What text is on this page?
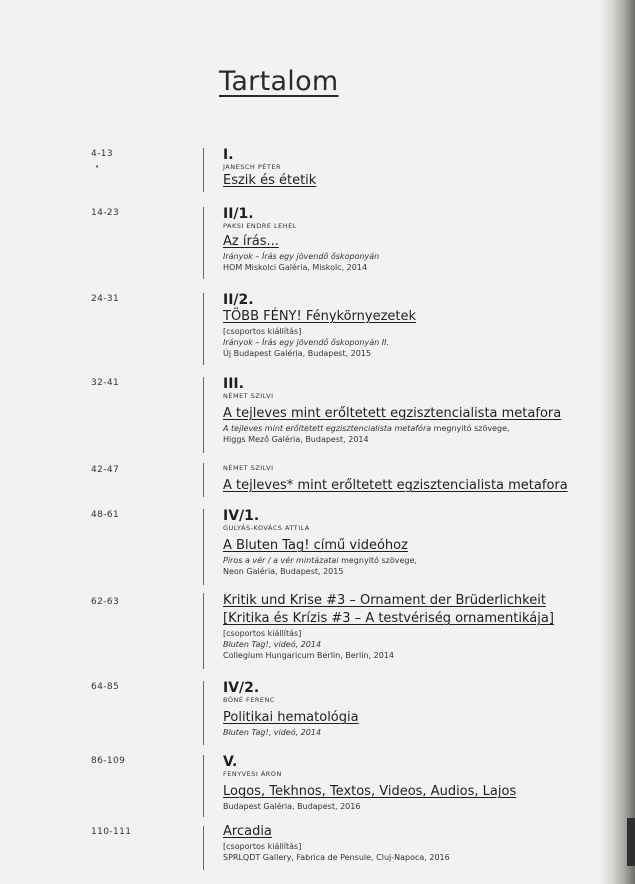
Tartalom
4-13
•
I.
JANESCH PÉTER
Eszik és étetik
14-23	II/1.
PAKSI ENDRE LEHEL
Az írás...
Irányok – Írás egy jövendő őskoponyán
HOM Miskolci Galéria, Miskolc, 2014
24-31	II/2.
TÖBB FÉNY! Fénykörnyezetek
[csoportos kiállítás]
Irányok – Írás egy jövendő őskoponyán II.
Új Budapest Galéria, Budapest, 2015
32-41	III.
NÉMET SZILVI
A tejleves mint erőltetett egzisztencialista metafora
A tejleves mint erőltetett egzisztencialista metafóra megnyitó szövege,
Higgs Mező Galéria, Budapest, 2014
42-47	NÉMET SZILVI
A tejleves* mint erőltetett egzisztencialista metafora
48-61	IV/1.
GULYÁS-KOVÁCS ATTILA
A Bluten Tag! című videóhoz
Piros a vér / a vér mintázatai megnyitó szövege,
Neon Galéria, Budapest, 2015
62-63	Kritik und Krise #3 – Ornament der Brüderlichkeit
[Kritika és Krízis #3 – A testvériség ornamentikája]
[csoportos kiállítás]
Bluten Tag!, videó, 2014
Collegium Hungaricum Berlin, Berlin, 2014
64-85	IV/2.
BÓNÉ FERENC
Politikai hematológia
Bluten Tag!, videó, 2014
86-109	V.
FENYVESI ÁRON
Logos, Tekhnos, Textos, Videos, Audios, Lajos
Budapest Galéria, Budapest, 2016
110-111	Arcadia
[csoportos kiállítás]
SPRLQDT Gallery, Fabrica de Pensule, Cluj-Napoca, 2016
